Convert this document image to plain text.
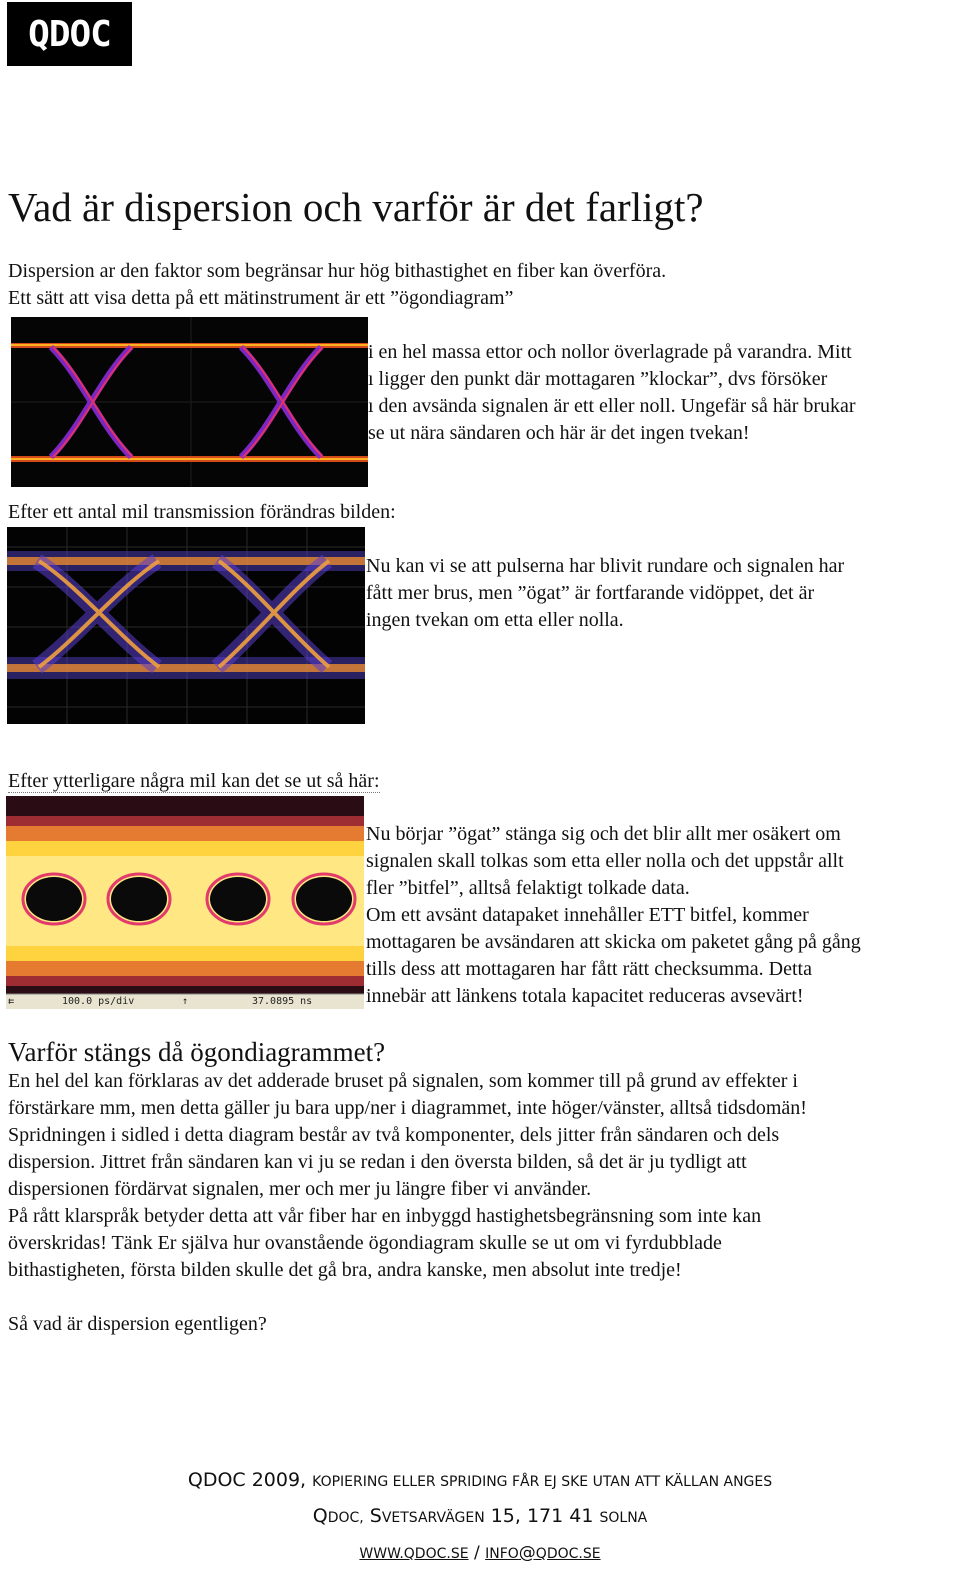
QDOC
Vad är dispersion och varför är det farligt?
Dispersion ar den faktor som begränsar hur hög bithastighet en fiber kan överföra.
Ett sätt att visa detta på ett mätinstrument är ett ”ögondiagram”
i en hel massa ettor och nollor överlagrade på varandra. Mitt
ı ligger den punkt där mottagaren ”klockar”, dvs försöker
ı den avsända signalen är ett eller noll. Ungefär så här brukar
se ut nära sändaren och här är det ingen tvekan!
Efter ett antal mil transmission förändras bilden:
Nu kan vi se att pulserna har blivit rundare och signalen har
fått mer brus, men ”ögat” är fortfarande vidöppet, det är
ingen tvekan om etta eller nolla.
Efter ytterligare några mil kan det se ut så här:
⇇	100.0 ps/div	↑	37.0895 ns
Nu börjar ”ögat” stänga sig och det blir allt mer osäkert om
signalen skall tolkas som etta eller nolla och det uppstår allt
fler ”bitfel”, alltså felaktigt tolkade data.
Om ett avsänt datapaket innehåller ETT bitfel, kommer
mottagaren be avsändaren att skicka om paketet gång på gång
tills dess att mottagaren har fått rätt checksumma. Detta
innebär att länkens totala kapacitet reduceras avsevärt!
Varför stängs då ögondiagrammet?
En hel del kan förklaras av det adderade bruset på signalen, som kommer till på grund av effekter i
förstärkare mm, men detta gäller ju bara upp/ner i diagrammet, inte höger/vänster, alltså tidsdomän!
Spridningen i sidled i detta diagram består av två komponenter, dels jitter från sändaren och dels
dispersion. Jittret från sändaren kan vi ju se redan i den översta bilden, så det är ju tydligt att
dispersionen fördärvat signalen, mer och mer ju längre fiber vi använder.
På rått klarspråk betyder detta att vår fiber har en inbyggd hastighetsbegränsning som inte kan
överskridas! Tänk Er själva hur ovanstående ögondiagram skulle se ut om vi fyrdubblade
bithastigheten, första bilden skulle det gå bra, andra kanske, men absolut inte tredje!
Så vad är dispersion egentligen?
QDOC 2009, KOPIERING ELLER SPRIDING FÅR EJ SKE UTAN ATT KÄLLAN ANGES
QDOC, SVETSARVÄGEN 15, 171 41 SOLNA
WWW.QDOC.SE / INFO@QDOC.SE
